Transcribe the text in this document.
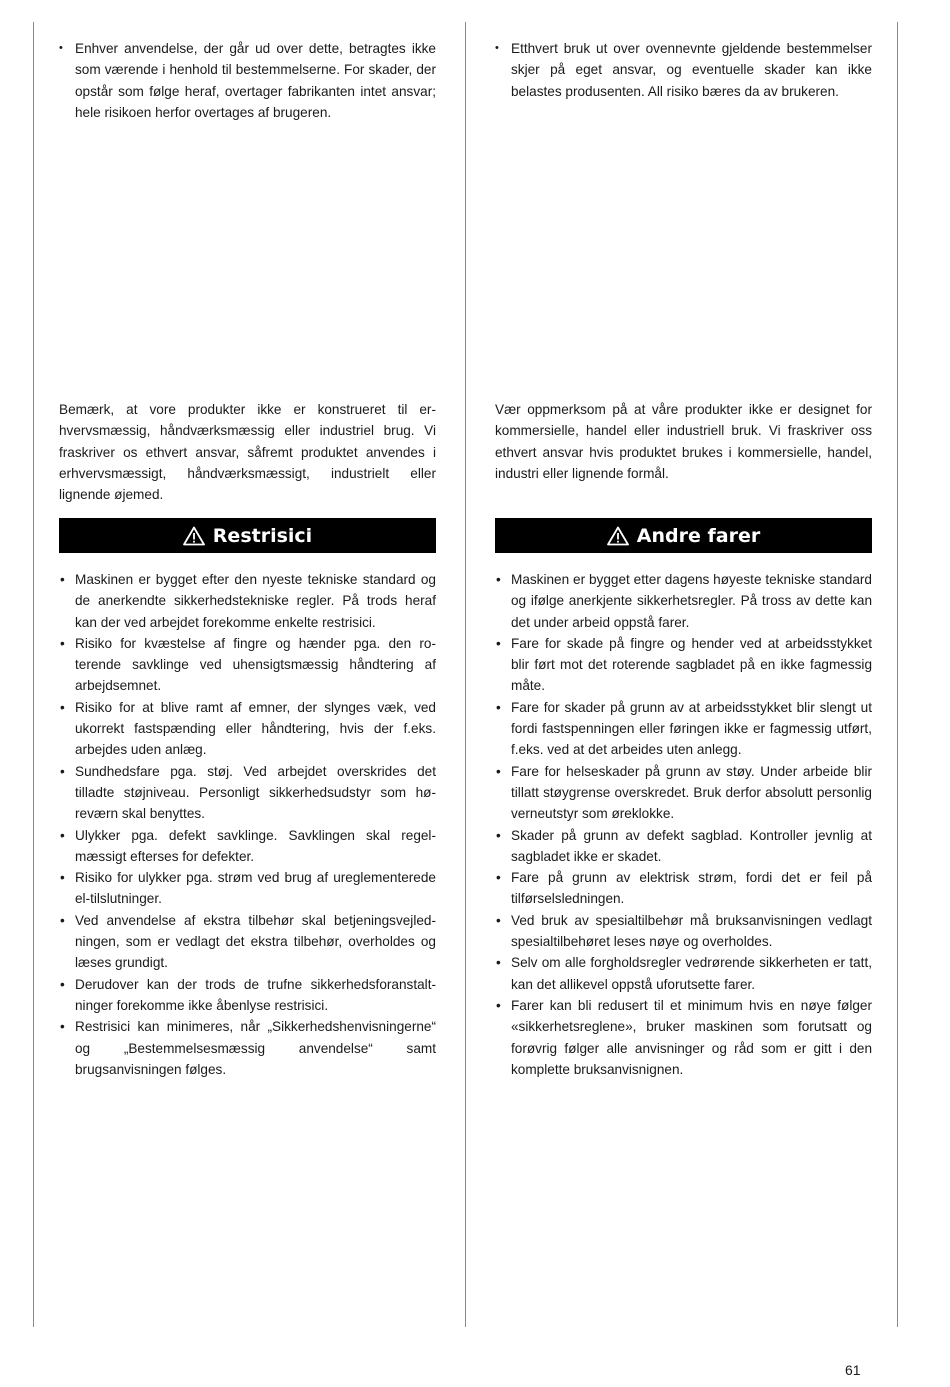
• Enhver anvendelse, der går ud over dette, betragtes ikke som værende i henhold til bestemmelserne. For skader, der opstår som følge heraf, overtager fabrikanten intet ansvar; hele risikoen herfor overtages af brugeren.

Bemærk, at vore produkter ikke er konstrueret til erhvervsmæssig, håndværksmæssig eller industriel brug. Vi fraskriver os ethvert ansvar, såfremt produktet anvendes i erhvervsmæssigt, håndværksmæssigt, industrielt eller lignende øjemed.

Restrisici
• Maskinen er bygget efter den nyeste tekniske standard og de anerkendte sikkerhedstekniske regler. På trods heraf kan der ved arbejdet forekomme enkelte restrisici.
• Risiko for kvæstelse af fingre og hænder pga. den roterende savklinge ved uhensigtsmæssig håndtering af arbejdsemnet.
• Risiko for at blive ramt af emner, der slynges væk, ved ukorrekt fastspænding eller håndtering, hvis der f.eks. arbejdes uden anlæg.
• Sundhedsfare pga. støj. Ved arbejdet overskrides det tilladte støjniveau. Personligt sikkerhedsudstyr som høreværn skal benyttes.
• Ulykker pga. defekt savklinge. Savklingen skal regelmæssigt efterses for defekter.
• Risiko for ulykker pga. strøm ved brug af ureglementerede el-tilslutninger.
• Ved anvendelse af ekstra tilbehør skal betjeningsvejledningen, som er vedlagt det ekstra tilbehør, overholdes og læses grundigt.
• Derudover kan der trods de trufne sikkerhedsforanstaltninger forekomme ikke åbenlyse restrisici.
• Restrisici kan minimeres, når „Sikkerhedshenvisningerne“ og „Bestemmelsesmæssig anvendelse“ samt brugsanvisningen følges.
• Etthvert bruk ut over ovennevnte gjeldende bestemmelser skjer på eget ansvar, og eventuelle skader kan ikke belastes produsenten. All risiko bæres da av brukeren.

Vær oppmerksom på at våre produkter ikke er designet for kommersielle, handel eller industriell bruk. Vi fraskriver oss ethvert ansvar hvis produktet brukes i kommersielle, handel, industri eller lignende formål.

Andre farer
• Maskinen er bygget etter dagens høyeste tekniske standard og ifølge anerkjente sikkerhetsregler. På tross av dette kan det under arbeid oppstå farer.
• Fare for skade på fingre og hender ved at arbeidsstykket blir ført mot det roterende sagbladet på en ikke fagmessig måte.
• Fare for skader på grunn av at arbeidsstykket blir slengt ut fordi fastspenningen eller føringen ikke er fagmessig utført, f.eks. ved at det arbeides uten anlegg.
• Fare for helseskader på grunn av støy. Under arbeide blir tillatt støygrense overskredet. Bruk derfor absolutt personlig verneutstyr som øreklokke.
• Skader på grunn av defekt sagblad. Kontroller jevnlig at sagbladet ikke er skadet.
• Fare på grunn av elektrisk strøm, fordi det er feil på tilførselsledningen.
• Ved bruk av spesialtilbehør må bruksanvisningen vedlagt spesialtilbehøret leses nøye og overholdes.
• Selv om alle forgholdsregler vedrørende sikkerheten er tatt, kan det allikevel oppstå uforutsette farer.
• Farer kan bli redusert til et minimum hvis en nøye følger «sikkerhetsreglene», bruker maskinen som forutsatt og forøvrig følger alle anvisninger og råd som er gitt i den komplette bruksanvisnignen.
61
